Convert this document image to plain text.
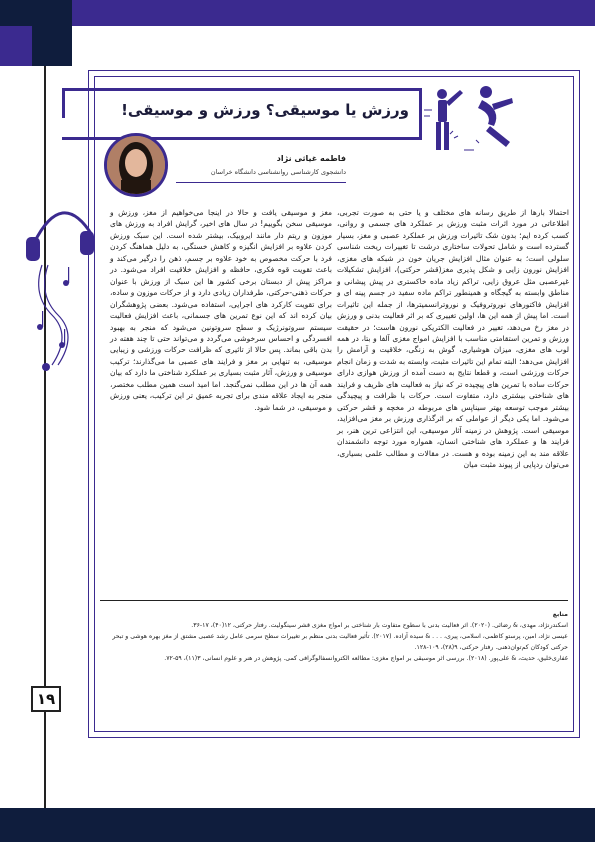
ورزش یا موسیقی؟ ورزش و موسیقی!
فاطمه غیاثی نژاد
دانشجوی کارشناسی روانشناسی دانشگاه خراسان
احتمالا بارها از طریق رسانه های مختلف و یا حتی به صورت تجربی، اطلاعاتی در مورد اثرات مثبت ورزش بر عملکرد های جسمی و روانی، کسب کرده ایم؛ بدون شک تاثیرات ورزش بر عملکرد عصبی و مغز، بسیار گسترده است و شامل تحولات ساختاری درشت تا تغییرات ریخت شناسی سلولی است؛ به عنوان مثال افزایش جریان خون در شبکه های مغزی، افزایش نورون زایی و شکل پذیری مغز(قشر حرکتی)، افزایش تشکیلات غیرعصبی مثل عروق زایی، تراکم زیاد ماده خاکستری در پیش پیشانی و مناطق وابسته به گیجگاه و همینطور تراکم ماده سفید در جسم پینه ای و افزایش فاکتورهای نوروتروفیک و نوروترانسمیترها، از جمله این تاثیرات است. اما پیش از همه این ها، اولین تغییری که بر اثر فعالیت بدنی و ورزش در مغز رخ می‌دهد، تغییر در فعالیت الکتریکی نورون هاست؛ در حقیقت ورزش و تمرین استقامتی مناسب با افزایش امواج مغزی آلفا و بتا، در همه لوب های مغزی، میزان هوشیاری، گوش به زنگی، خلاقیت و آرامش را افزایش می‌دهد؛ البته تمام این تاثیرات مثبت، وابسته به شدت و زمان انجام حرکات ورزشی است، و قطعا نتایج به دست آمده از ورزش هوازی دارای حرکات ساده با تمرین های پیچیده تر که نیاز به فعالیت های ظریف و فرایند های شناختی بیشتری دارد، متفاوت است. حرکات با ظرافت و پیچیدگی بیشتر موجب توسعه بهتر سیناپس های مربوطه در مخچه و قشر حرکتی می‌شود. اما یکی دیگر از عواملی که بر اثرگذاری ورزش بر مغز می‌افزاید، موسیقی است. پژوهش در زمینه آثار موسیقی، این انتزاعی ترین هنر، بر فرایند ها و عملکرد های شناختی انسان، همواره مورد توجه دانشمندان علاقه مند به این زمینه بوده و هست. در مقالات و مطالب علمی بسیاری، می‌توان ردپایی از پیوند مثبت میان
مغز و موسیقی یافت و حالا در اینجا می‌خواهیم از مغز، ورزش و موسیقی سخن بگوییم! در سال های اخیر، گرایش افراد به ورزش های موزون و ریتم دار مانند ایروبیک، بیشتر شده است. این سبک ورزش کردن علاوه بر افزایش انگیزه و کاهش خستگی، به دلیل هماهنگ کردن فرد با حرکت مخصوص به خود علاوه بر جسم، ذهن را درگیر می‌کند و باعث تقویت قوه فکری، حافظه و افزایش خلاقیت افراد می‌شود. در مراکز پیش از دبستان برخی کشور ها این سبک از ورزش با عنوان حرکات ذهنی-حرکتی، طرفداران زیادی دارد و از حرکات موزون و ساده، برای تقویت کارکرد های اجرایی، استفاده می‌شود. بعضی پژوهشگران بیان کرده اند که این نوع تمرین های جسمانی، باعث افزایش فعالیت سیستم سروتونرژیک و سطح سروتونین می‌شود که منجر به بهبود افسردگی و احساس سرخوشی می‌گردد و می‌تواند حتی تا چند هفته در بدن باقی بماند. پس حالا از تاثیری که ظرافت حرکات ورزشی و زیبایی موسیقی، به تنهایی بر مغز و فرایند های عصبی ما می‌گذارند؛ ترکیب موسیقی و ورزش، آثار مثبت بسیاری بر عملکرد شناختی ما دارد که بیان همه آن ها در این مطلب نمی‌گنجد. اما امید است همین مطلب مختصر، منجر به ایجاد علاقه مندی برای تجربه عمیق تر این ترکیب، یعنی ورزش و موسیقی، در شما شود.

منابع

اسکندرنژاد، مهدی، & رضائی. (۲۰۲۰). اثر فعالیت بدنی با سطوح متفاوت بار شناختی بر امواج مغزی قشر سینگولیت. رفتار حرکتی، ۱۲(۴۰)، ۱۷-۳۶.

عیسی نژاد، امین، پرستو کاظمی، اسلامی، پیری، . . . & سیده آزاده. (۲۰۱۷). تأثیر فعالیت بدنی منظم بر تغییرات سطح سرمی عامل رشد عصبی مشتق از مغز بهره هوشی و تبحر حرکتی کودکان کم‌توان‌ذهنی. رفتار حرکتی، ۹(۲۸)، ۱۰۹-۱۲۸.

غفاری‌خلیق، حدیث، & علی‌پور. (۲۰۱۸). بررسی اثر موسیقی بر امواج مغزی: مطالعه الکتروانسفالوگرافی کمی. پژوهش در هنر و علوم انسانی، ۳(۱۱)، ۵۹-۷۲.

۱۹
